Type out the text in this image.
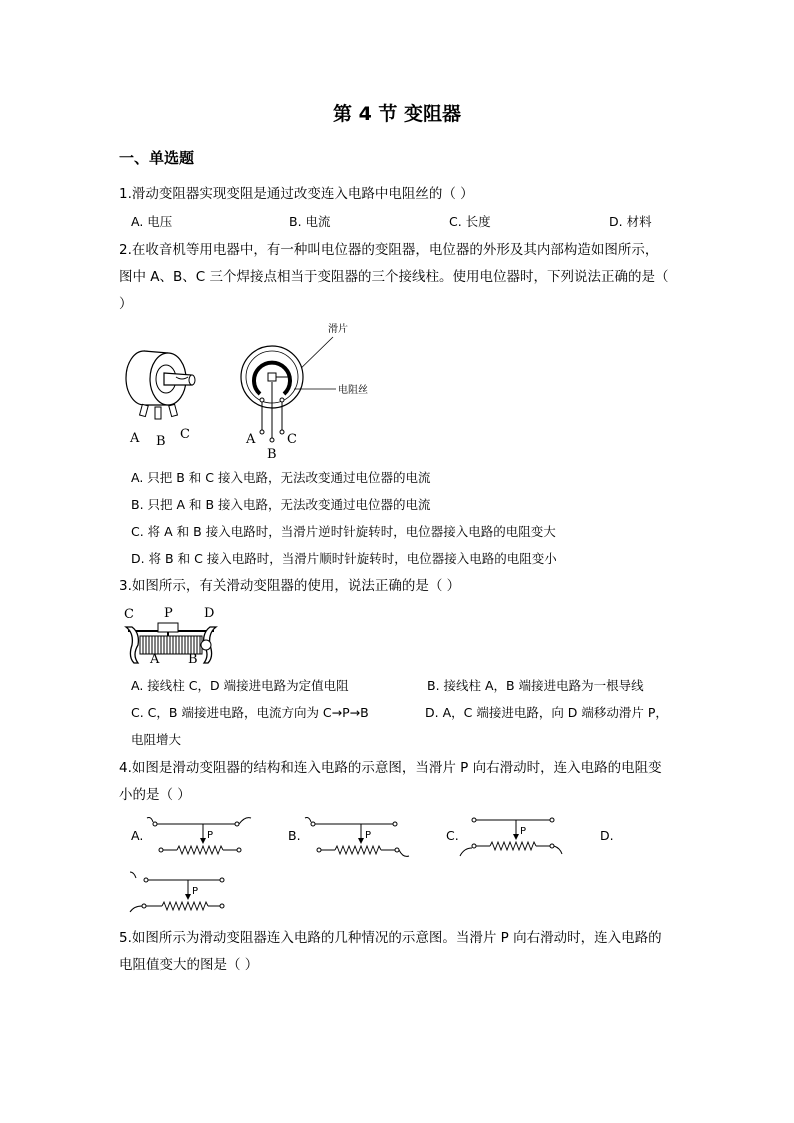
第 4 节 变阻器
一、单选题
1.滑动变阻器实现变阻是通过改变连入电路中电阻丝的（ ）
A. 电压	B. 电流	C. 长度	D. 材料
2.在收音机等用电器中，有一种叫电位器的变阻器，电位器的外形及其内部构造如图所示，
图中 A、B、C 三个焊接点相当于变阻器的三个接线柱。使用电位器时，下列说法正确的是（
）
A B C
滑片
电阻丝
A
B
C
A. 只把 B 和 C 接入电路，无法改变通过电位器的电流
B. 只把 A 和 B 接入电路，无法改变通过电位器的电流
C. 将 A 和 B 接入电路时，当滑片逆时针旋转时，电位器接入电路的电阻变大
D. 将 B 和 C 接入电路时，当滑片顺时针旋转时，电位器接入电路的电阻变小
3.如图所示，有关滑动变阻器的使用，说法正确的是（ ）
C P D
A B
A. 接线柱 C，D 端接进电路为定值电阻	B. 接线柱 A，B 端接进电路为一根导线
C. C，B 端接进电路，电流方向为 C→P→B	D. A，C 端接进电路，向 D 端移动滑片 P，
电阻增大
4.如图是滑动变阻器的结构和连入电路的示意图，当滑片 P 向右滑动时，连入电路的电阻变
小的是（ ）
A.	B.	C.	D.
P	P	P
P
5.如图所示为滑动变阻器连入电路的几种情况的示意图。当滑片 P 向右滑动时，连入电路的
电阻值变大的图是（ ）
